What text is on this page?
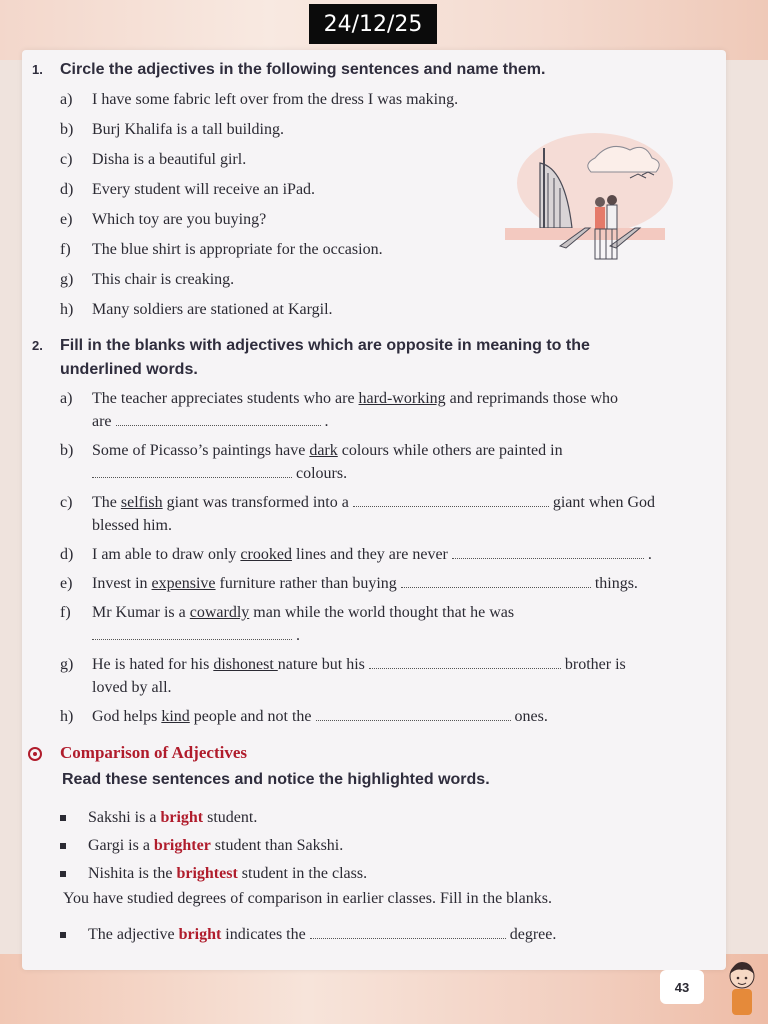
24/12/25
1. Circle the adjectives in the following sentences and name them.
a)	I have some fabric left over from the dress I was making.
b)	Burj Khalifa is a tall building.
c)	Disha is a beautiful girl.
d)	Every student will receive an iPad.
e)	Which toy are you buying?
f)	The blue shirt is appropriate for the occasion.
g)	This chair is creaking.
h)	Many soldiers are stationed at Kargil.
2. Fill in the blanks with adjectives which are opposite in meaning to the
underlined words.
a)	The teacher appreciates students who are hard-working and reprimands those who
are	.
b)	Some of Picasso’s paintings have dark colours while others are painted in
colours.
c)	The selfish giant was transformed into a	giant when God
blessed him.
d)	I am able to draw only crooked lines and they are never	.
e)	Invest in expensive furniture rather than buying	things.
f)	Mr Kumar is a cowardly man while the world thought that he was
.
g)	He is hated for his dishonest nature but his	brother is
loved by all.
h)	God helps kind people and not the	ones.
Comparison of Adjectives
Read these sentences and notice the highlighted words.
Sakshi is a bright student.
Gargi is a brighter student than Sakshi.
Nishita is the brightest student in the class.
You have studied degrees of comparison in earlier classes. Fill in the blanks.
The adjective bright indicates the	degree.
43
